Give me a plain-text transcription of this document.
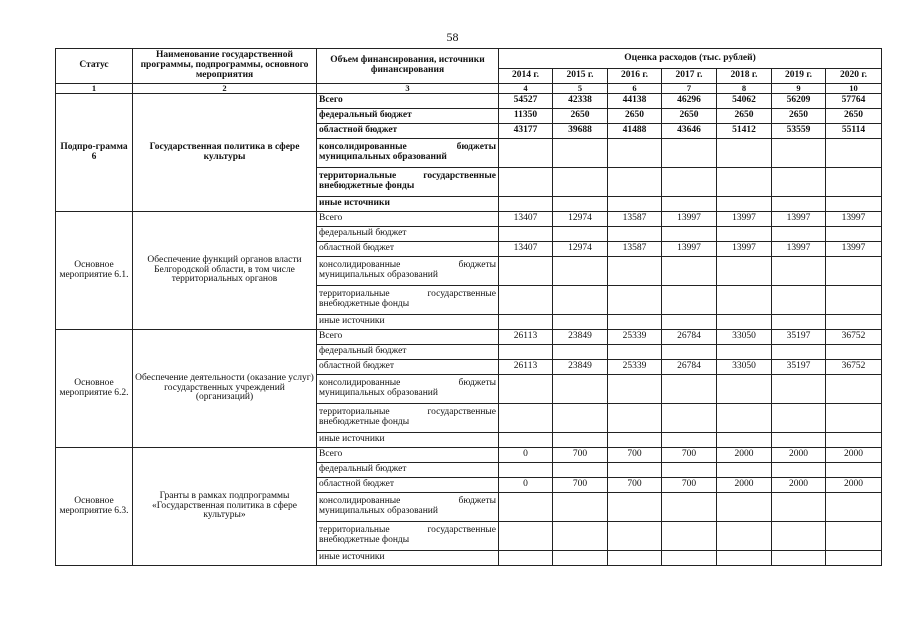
58
Статус	Наименование государственной программы, подпрограммы, основного мероприятия	Объем финансирования, источники финансирования	Оценка расходов (тыс. рублей)						
			2014 г.	2015 г.	2016 г.	2017 г.	2018 г.	2019 г.	2020 г.
1	2	3	4	5	6	7	8	9	10
Подпро-грамма 6	Государственная политика в сфере культуры	Всего	54527	42338	44138	46296	54062	56209	57764
		федеральный бюджет	11350	2650	2650	2650	2650	2650	2650
		областной бюджет	43177	39688	41488	43646	51412	53559	55114

		консолидированные бюджеты
муниципальных образований							

		территориальные государственные
внебюджетные фонды							

		иные источники							
Основное мероприятие 6.1.	Обеспечение функций органов власти Белгородской области, в том числе территориальных органов	Всего	13407	12974	13587	13997	13997	13997	13997
		федеральный бюджет							
		областной бюджет	13407	12974	13587	13997	13997	13997	13997

		консолидированные бюджеты
муниципальных образований							

		территориальные государственные
внебюджетные фонды							

		иные источники							
Основное мероприятие 6.2.	Обеспечение деятельности (оказание услуг) государственных учреждений (организаций)	Всего	26113	23849	25339	26784	33050	35197	36752
		федеральный бюджет							
		областной бюджет	26113	23849	25339	26784	33050	35197	36752

		консолидированные бюджеты
муниципальных образований							

		территориальные государственные
внебюджетные фонды							

		иные источники							
Основное мероприятие 6.3.	Гранты в рамках подпрограммы «Государственная политика в сфере культуры»	Всего	0	700	700	700	2000	2000	2000
		федеральный бюджет							
		областной бюджет	0	700	700	700	2000	2000	2000

		консолидированные бюджеты
муниципальных образований							

		территориальные государственные
внебюджетные фонды							

		иные источники							
